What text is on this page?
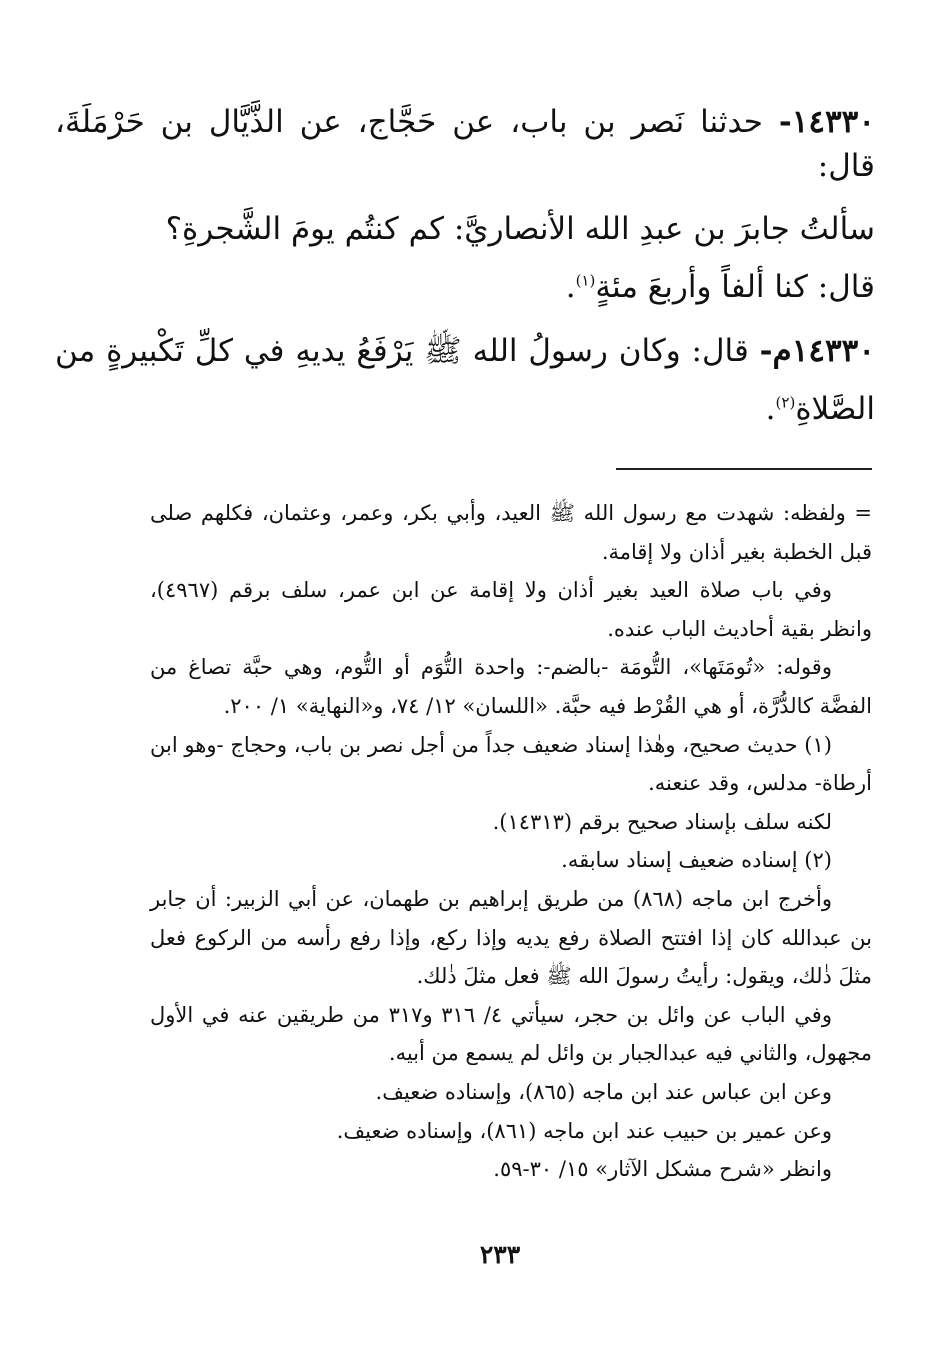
١٤٣٣٠- حدثنا نَصر بن باب، عن حَجَّاج، عن الذَّيَّال بن حَرْمَلَةَ، قال:

سألتُ جابرَ بن عبدِ الله الأنصاريَّ: كم كنتُم يومَ الشَّجرةِ؟
قال: كنا ألفاً وأربعَ مئةٍ$^{(١)}$.

١٤٣٣٠م- قال: وكان رسولُ الله ﷺ يَرْفَعُ يديهِ في كلِّ تَكْبيرةٍ من الصَّلاةِ$^{(٢)}$.

= ولفظه: شهدت مع رسول الله ﷺ العيد، وأبي بكر، وعمر، وعثمان، فكلهم صلى قبل الخطبة بغير أذان ولا إقامة.

وفي باب صلاة العيد بغير أذان ولا إقامة عن ابن عمر، سلف برقم (٤٩٦٧)، وانظر بقية أحاديث الباب عنده.

وقوله: «تُومَتَها»، التُّومَة -بالضم-: واحدة التُّوَم أو التُّوم، وهي حبَّة تصاغ من الفضَّة كالدُّرَّة، أو هي القُرْط فيه حبَّة. «اللسان» ١٢/ ٧٤، و«النهاية» ١/ ٢٠٠.

(١) حديث صحيح، وهٰذا إسناد ضعيف جداً من أجل نصر بن باب، وحجاج -وهو ابن أرطاة- مدلس، وقد عنعنه.

لكنه سلف بإسناد صحيح برقم (١٤٣١٣).

(٢) إسناده ضعيف إسناد سابقه.

وأخرج ابن ماجه (٨٦٨) من طريق إبراهيم بن طهمان، عن أبي الزبير: أن جابر بن عبدالله كان إذا افتتح الصلاة رفع يديه وإذا ركع، وإذا رفع رأسه من الركوع فعل مثلَ ذٰلك، ويقول: رأيتُ رسولَ الله ﷺ فعل مثلَ ذٰلك.

وفي الباب عن وائل بن حجر، سيأتي ٤/ ٣١٦ و٣١٧ من طريقين عنه في الأول مجهول، والثاني فيه عبدالجبار بن وائل لم يسمع من أبيه.

وعن ابن عباس عند ابن ماجه (٨٦٥)، وإسناده ضعيف.

وعن عمير بن حبيب عند ابن ماجه (٨٦١)، وإسناده ضعيف.

وانظر «شرح مشكل الآثار» ١٥/ ٣٠-٥٩.

٢٣٣
